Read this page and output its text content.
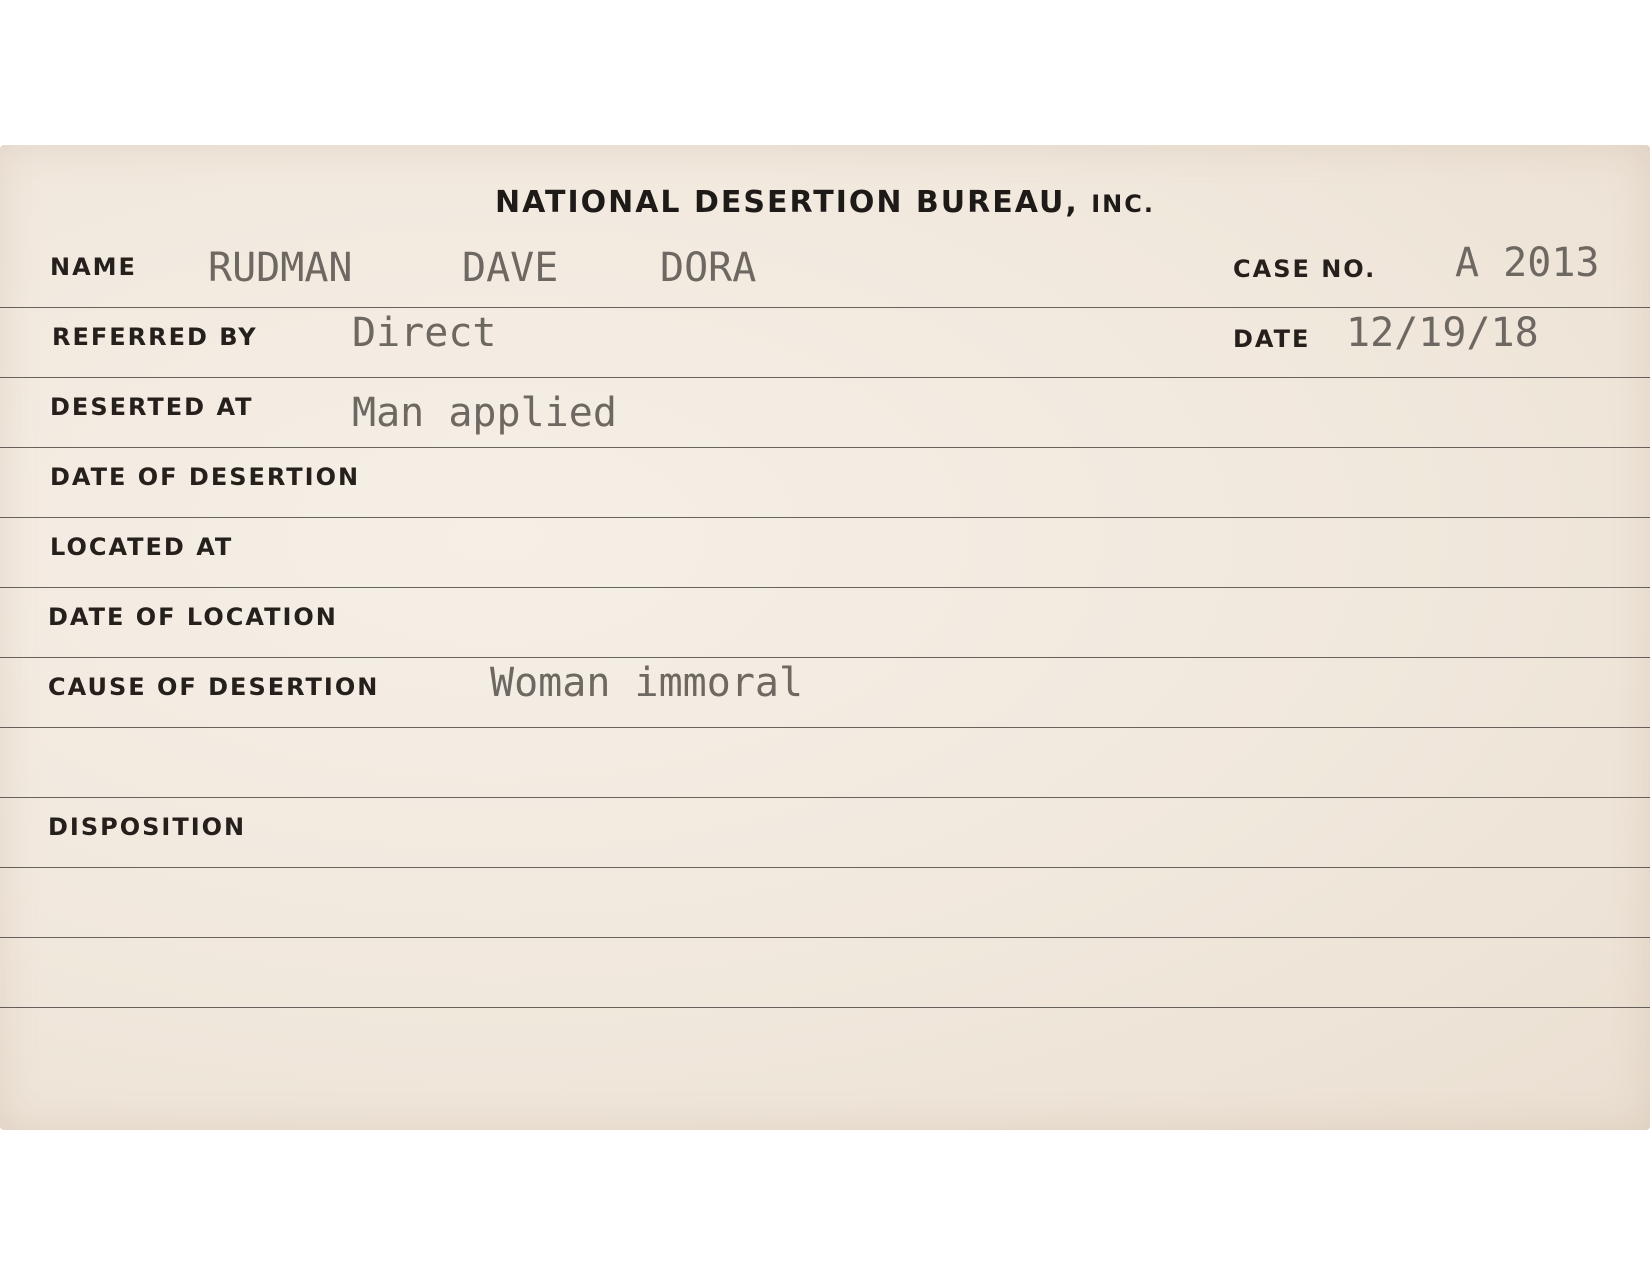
NATIONAL DESERTION BUREAU, INC.
NAME RUDMAN	DAVE	DORA	CASE NO. A 2013
REFERRED BY Direct	DATE 12/19/18
DESERTED AT Man applied
DATE OF DESERTION
LOCATED AT
DATE OF LOCATION
CAUSE OF DESERTION	Woman immoral
DISPOSITION
